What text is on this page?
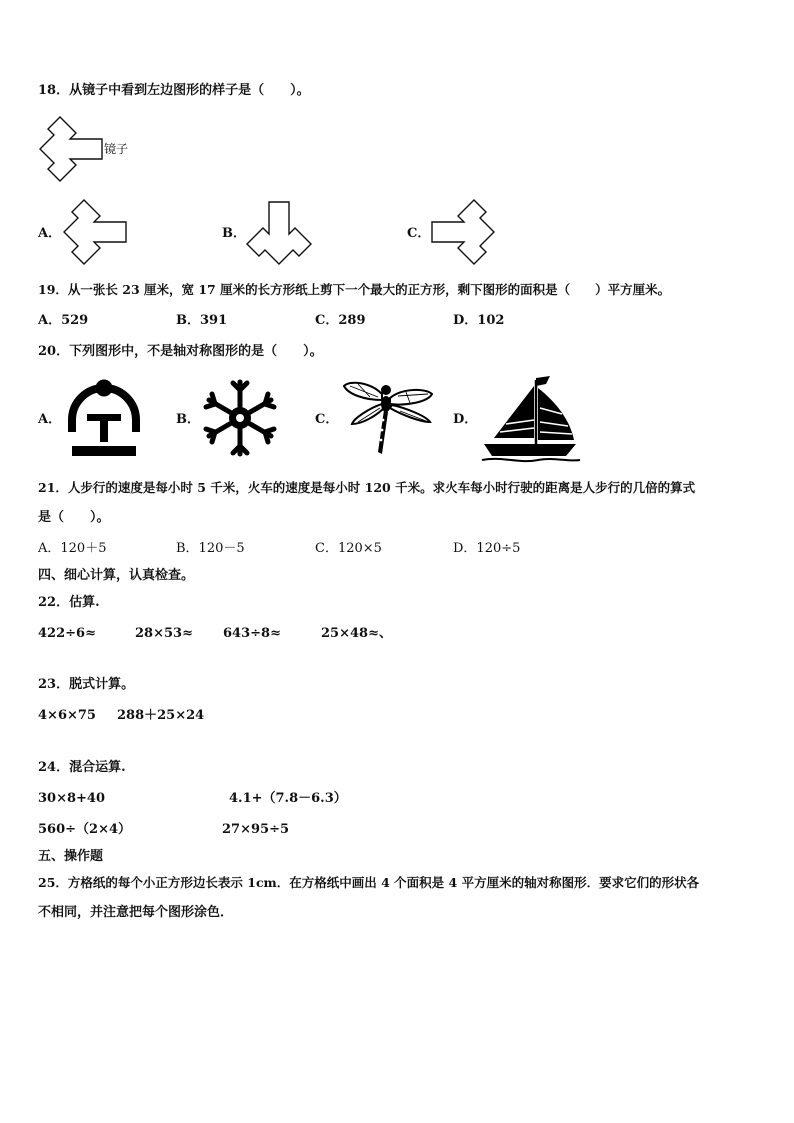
18．从镜子中看到左边图形的样子是（　　）。
镜子
A．	B．	C．
19．从一张长 23 厘米，宽 17 厘米的长方形纸上剪下一个最大的正方形，剩下图形的面积是（　　）平方厘米。
A．529	B．391	C．289	D．102
20．下列图形中，不是轴对称图形的是（　　）。
A．	B．	C．	D．
21．人步行的速度是每小时 5 千米，火车的速度是每小时 120 千米。求火车每小时行驶的距离是人步行的几倍的算式
是（　　）。
A．120＋5	B．120－5	C．120×5	D．120÷5
四、细心计算，认真检查。
22．估算.
422÷6≈	28×53≈ 643÷8≈	25×48≈、
23．脱式计算。
4×6×75 288＋25×24
24．混合运算.
30×8+40	4.1+（7.8－6.3）
560÷（2×4）	27×95÷5
五、操作题
25．方格纸的每个小正方形边长表示 1cm．在方格纸中画出 4 个面积是 4 平方厘米的轴对称图形．要求它们的形状各
不相同，并注意把每个图形涂色．
